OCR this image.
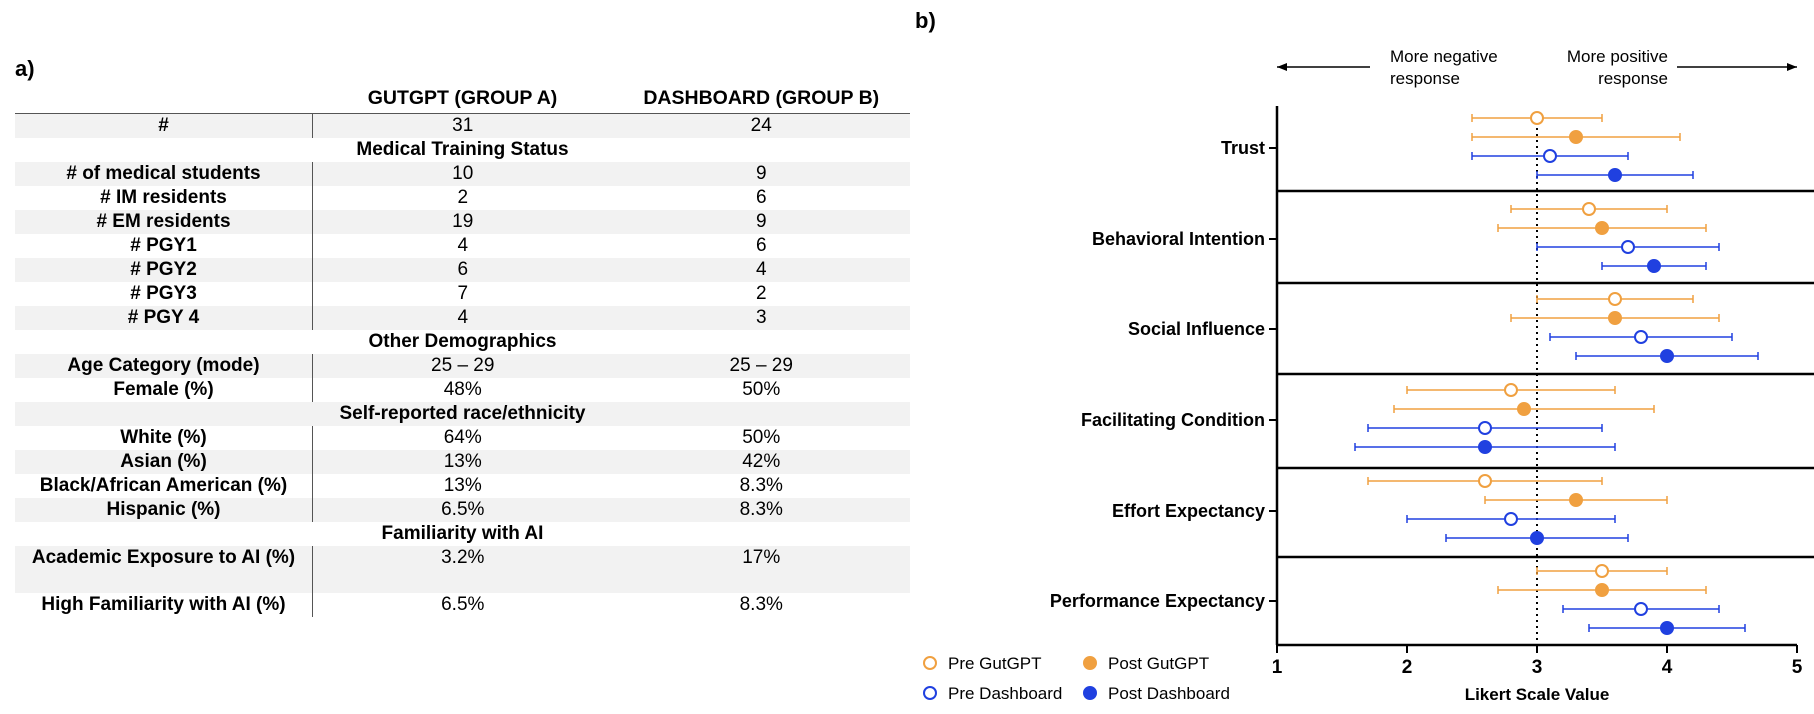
a)
b)
	GUTGPT (GROUP A)	DASHBOARD (GROUP B)
#	31	24
Medical Training Status		
# of medical students	10	9
# IM residents	2	6
# EM residents	19	9
# PGY1	4	6
# PGY2	6	4
# PGY3	7	2
# PGY 4	4	3
Other Demographics		
Age Category (mode)	25 – 29	25 – 29
Female (%)	48%	50%
Self-reported race/ethnicity		
White (%)	64%	50%
Asian (%)	13%	42%
Black/African American (%)	13%	8.3%
Hispanic (%)	6.5%	8.3%
Familiarity with AI		
Academic Exposure to AI (%)	3.2%	17%
High Familiarity with AI (%)	6.5%	8.3%
More negative
response
More positive
response
1	2	3	4	5
Likert Scale Value
Trust
Behavioral Intention
Social Influence
Facilitating Condition
Effort Expectancy
Performance Expectancy
Pre GutGPT	Post GutGPT
Pre Dashboard	Post Dashboard
